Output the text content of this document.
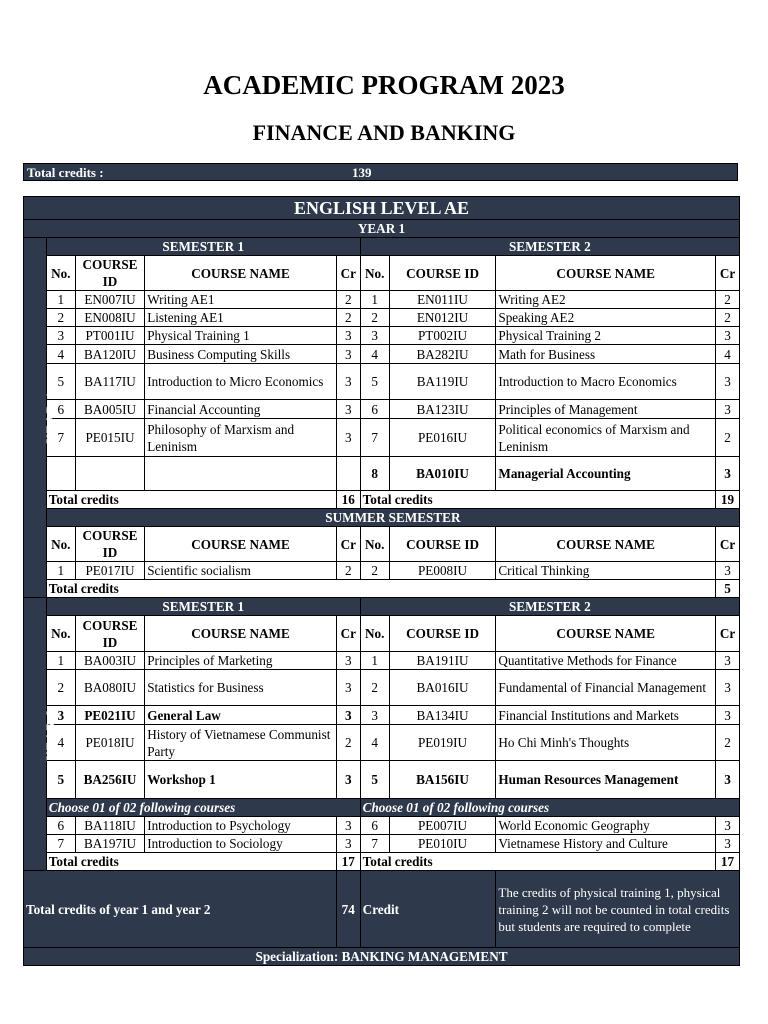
ACADEMIC PROGRAM 2023
FINANCE AND BANKING
Total credits :	139
ENGLISH LEVEL AE								
YEAR 1								
YEAR 1	SEMESTER 1				SEMESTER 2			
	No.	COURSE ID	COURSE NAME	Cr	No.	COURSE ID	COURSE NAME	Cr
	1	EN007IU	Writing AE1	2	1	EN011IU	Writing AE2	2
	2	EN008IU	Listening AE1	2	2	EN012IU	Speaking AE2	2
	3	PT001IU	Physical Training 1	3	3	PT002IU	Physical Training 2	3
	4	BA120IU	Business Computing Skills	3	4	BA282IU	Math for Business	4
	5	BA117IU	Introduction to Micro Economics	3	5	BA119IU	Introduction to Macro Economics	3
	6	BA005IU	Financial Accounting	3	6	BA123IU	Principles of Management	3
	7	PE015IU	Philosophy of Marxism and Leninism	3	7	PE016IU	Political economics of Marxism and Leninism	2
					8	BA010IU	Managerial Accounting	3
	Total credits			16	Total credits			19
	SUMMER SEMESTER							
	No.	COURSE ID	COURSE NAME	Cr	No.	COURSE ID	COURSE NAME	Cr
	1	PE017IU	Scientific socialism	2	2	PE008IU	Critical Thinking	3
	Total credits							5
YEAR 2	SEMESTER 1				SEMESTER 2			
	No.	COURSE ID	COURSE NAME	Cr	No.	COURSE ID	COURSE NAME	Cr
	1	BA003IU	Principles of Marketing	3	1	BA191IU	Quantitative Methods for Finance	3
	2	BA080IU	Statistics for Business	3	2	BA016IU	Fundamental of Financial Management	3
	3	PE021IU	General Law	3	3	BA134IU	Financial Institutions and Markets	3
	4	PE018IU	History of Vietnamese Communist Party	2	4	PE019IU	Ho Chi Minh's Thoughts	2
	5	BA256IU	Workshop 1	3	5	BA156IU	Human Resources Management	3
	Choose 01 of 02 following courses				Choose 01 of 02 following courses			
	6	BA118IU	Introduction to Psychology	3	6	PE007IU	World Economic Geography	3
	7	BA197IU	Introduction to Sociology	3	7	PE010IU	Vietnamese History and Culture	3
	Total credits			17	Total credits			17
Total credits of year 1 and year 2				74	Credit		The credits of physical training 1, physical training 2 will not be counted in total credits but students are required to complete	
Specialization: BANKING MANAGEMENT								
